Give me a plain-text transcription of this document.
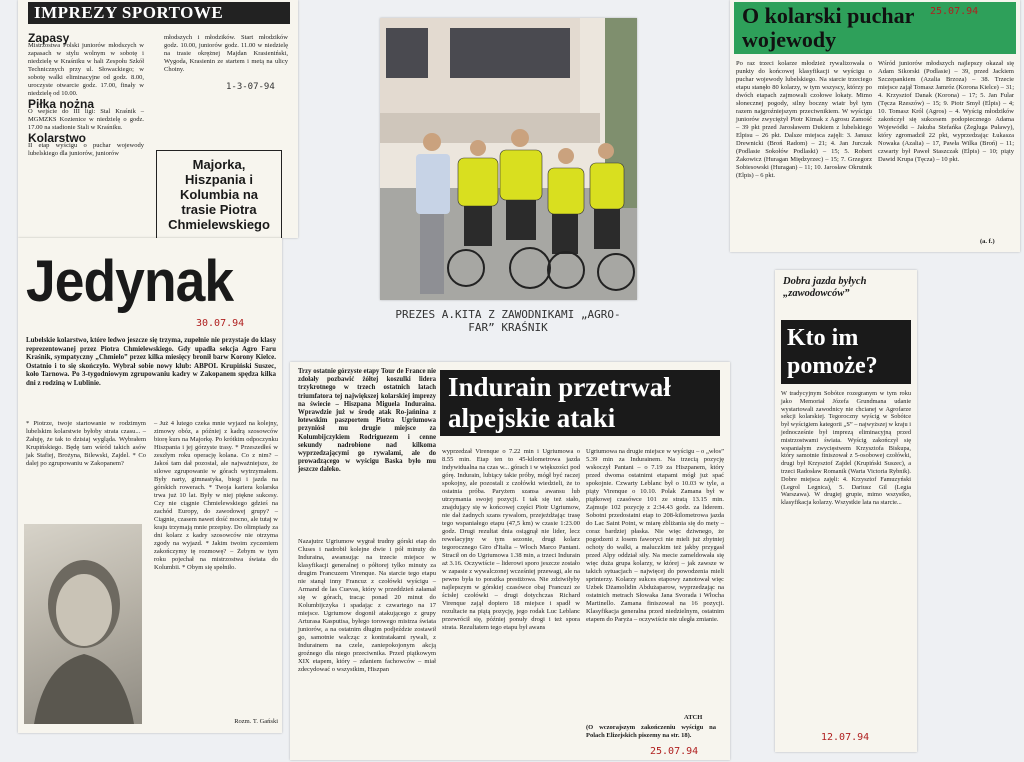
IMPREZY SPORTOWE
Zapasy

Mistrzostwa Polski juniorów młodszych w zapasach w stylu wolnym w sobotę i niedzielę w Kraśniku w hali Zespołu Szkół Technicznych przy ul. Słowackiego; w sobotę walki eliminacyjne od godz. 8.00, uroczyste otwarcie godz. 17.00, finały w niedzielę od 10.00.

Piłka nożna

O wejście do III ligi: Stal Kraśnik – MGMZKS Kozienice w niedzielę o godz. 17.00 na stadionie Stali w Kraśniku.

Kolarstwo

II etap wyścigu o puchar wojewody lubelskiego dla juniorów, juniorów

młodszych i młodzików. Start młodzików godz. 10.00, juniorów godz. 11.00 w niedzielę na trasie okrężnej Majdan Krasieniński, Wygoda, Krasienin ze startem i metą na ulicy Choiny.

1-3-07-94
Majorka, Hiszpania i Kolumbia na trasie Piotra Chmielewskiego
Jedynak
30.07.94
Lubelskie kolarstwo, które ledwo jeszcze się trzyma, zupełnie nie przystaje do klasy reprezentowanej przez Piotra Chmielewskiego. Gdy upadła sekcja Agro Faru Kraśnik, sympatyczny „Chmielo” przez kilka miesięcy bronił barw Korony Kielce. Ostatnio i to się skończyło. Wybrał sobie nowy klub: ABPOL Krupiński Suszec, koło Tarnowa. Po 3-tygodniowym zgrupowaniu kadry w Zakopanem spędza kilka dni z rodziną w Lublinie.
* Piotrze, twoje startowanie w rodzimym lubelskim kolarstwie byłoby strata czasu... – Żałuję, że tak to dzisiaj wygląda. Wybrałem Krupińskiego. Będę tam wśród takich asów jak Stafiej, Brożyna, Bilewski, Zajdel. * Co dalej po zgrupowaniu w Zakopanem?
– Już 4 lutego czeka mnie wyjazd na kolejny, zimowy obóz, a później z kadrą szosowców biorę kurs na Majorkę. Po krótkim odpoczynku Hiszpania i jej górzyste trasy. * Przeszedłeś w zeszłym roku operację kolana. Co z nim? – Jakoś tam dał pozostał, ale najważniejsze, że silowe zgrupowanie w górach wytrzymałem. Były narty, gimnastyka, biegi i jazda na górskich rowerach. * Twoja kariera kolarska trwa już 10 lat. Były w niej piękne sukcesy. Czy nie ciągnie Chmielewskiego gdzieś na zachód Europy, do zawodowej grupy? – Ciągnie, czasem nawet dość mocno, ale tutaj w kraju trzymają mnie przepisy. Do olimpiady za dni kolarz z kadry szosowców nie otrzyma zgody na wyjazd. * Jakim twoim zyczeniem zakończymy tę rozmowę? – Żebym w tym roku pojechał na mistrzostwa świata do Kolumbii. * Obym się spełniło.
Rozm. T. Gański
PREZES A.KITA Z ZAWODNIKAMI „AGRO-FAR” KRAŚNIK
O kolarski puchar wojewody
25.07.94
Po raz trzeci kolarze młodzież rywalizowała o punkty do końcowej klasyfikacji w wyścigu o puchar wojewody lubelskiego. Na starcie trzeciego etapu stanęło 80 kolarzy, w tym wszyscy, którzy po dwóch etapach zajmowali czołowe lokaty. Mimo słonecznej pogody, silny boczny wiatr był tym razem najgroźniejszym przeciwnikiem. W wyścigu juniorów zwyciężył Piotr Kimak z Agrosu Zamość – 39 pkt przed Jarosławem Dukiem z lubelskiego Elpisu – 26 pkt. Dalsze miejsca zajęli: 3. Janusz Drewnicki (Broń Radom) – 21; 4. Jan Jurczak (Podlasie Sokołów Podlaski) – 15; 5. Robert Żakowicz (Huragan Międzyrzec) – 15; 7. Grzegorz Sobiesowski (Huragan) – 11; 10. Jarosław Okrutnik (Elpis) – 6 pkt.
Wśród juniorów młodszych najlepszy okazał się Adam Sikorski (Podlasie) – 39, przed Jackiem Szczepankiem (Azalia Brzoza) – 38. Trzecie miejsce zajął Tomasz Jamróz (Korona Kielce) – 31; 4. Krzysztof Danak (Korona) – 17; 5. Jan Fular (Tęcza Rzeszów) – 15; 9. Piotr Smył (Elpis) – 4; 10. Tomasz Król (Agros) – 4. Wyścig młodzików zakończył się sukcesem podopiecznego Adama Wojewódki – Jakuba Stefańka (Żegluga Puławy), który zgromadził 22 pkt, wyprzedzając Łukasza Nowaka (Azalia) – 17, Pawła Wilka (Broń) – 11; czwarty był Paweł Staszczak (Elpis) – 10; piąty Dawid Krupa (Tęcza) – 10 pkt.
(a. f.)
Dobra jazda byłych „zawodowców”
Kto im pomoże?
W tradycyjnym Sobótce rozegranym w tym roku jako Memoriał Józefa Grundmana udanie wystartowali zawodnicy nie chcianej w Agrofarze sekcji kolarskiej. Tegoroczny wyścig w Sobótce był wyścigiem kategorii „S” – najwyższej w kraju i jednocześnie był imprezą eliminacyjną przed mistrzostwami świata. Wyścig zakończył się wspaniałym zwycięstwem Krzysztofa Biskupa, który samotnie finiszował z 5-osobowej czołówki, drugi był Krzysztof Zajdel (Krupiński Suszec), a trzeci Radosław Romanik (Warta Victoria Rybnik). Dobre miejsca zajęli: 4. Krzysztof Famuzyński (Legrol Legnica), 5. Dariusz Gil (Legia Warszawa). W drugiej grupie, mimo wszystko, klasyfikacja kolarzy. Wszystkie lata na starcie...
12.07.94
Trzy ostatnie górzyste etapy Tour de France nie zdołały pozbawić żółtej koszulki lidera trzykrotnego w trzech ostatnich latach triumfatora tej największej kolarskiej imprezy na świecie – Hiszpana Miguela Induraina. Wprawdzie już w środę atak Ro-jańnina z łotewskim paszportem Piotra Ugriumowa przyniósł mu drugie miejsce za Kolumbijczykiem Rodriguezem i cenne sekundy nadrobione nad kilkoma wyprzedzającymi go rywalami, ale do prowadzącego w wyścigu Baska było mu jeszcze daleko.
Indurain przetrwał alpejskie ataki
Nazajutrz Ugriumow wygrał trudny górski etap do Cluses i nadrobił kolejne dwie i pół minuty do Induraina, awansując na trzecie miejsce w klasyfikacji generalnej o półtorej tylko minuty za drugim Francuzem Virenque. Na starcie tego etapu nie stanął inny Francuz z czołówki wyścigu – Armand de las Cuevas, który w przeddzień załamał się w górach, tracąc ponad 20 minut do Kolumbijczyka i spadając z czwartego na 17 miejsce. Ugriumow dogonił atakującego z grupy Arturasa Kasputisa, byłego torowego mistrza świata juniorów, a na ostatnim długim podjeździe zostawił go, samotnie walcząc z kontratakami rywali, z Indurainem na czele, zaniepokojonym akcją groźnego dla niego przeciwnika. Przed piątkowym XIX etapem, który – zdaniem fachowców – miał zdecydować o wszystkim, Hiszpan
wyprzedzał Virenque o 7.22 min i Ugriumowa o 8.55 min. Etap ten to 45-kilometrowa jazda indywidualna na czas w... górach i w większości pod górę. Indurain, lubiący takie próby, mógł być raczej spokojny, ale pozostali z czołówki wiedzieli, że to ostatnia próba. Paryżem szansa awansu lub utrzymania swojej pozycji. I tak się też stało, znajdujący się w końcowej części Piotr Ugriumow, nie dał żadnych szans rywalom, przejeżdżając trasę tego wspaniałego etapu (47,5 km) w czasie 1:23.00 godz. Drugi rezultat dnia osiągnął nie lider, lecz rewelacyjny w tym sezonie, drugi kolarz tegorocznego Giro d'Italia – Włoch Marco Pantani. Stracił on do Ugriumowa 1.38 min, a trzeci Indurain aż 3.16. Oczywiście – liderowi sporo jeszcze zostało w zapasie z wywalczonej wcześniej przewagi, ale na pewno była to porażka prestiżowa. Nie zdziwiłyby najlepszym w górskiej czasówce obaj Francuzi ze ścisłej czołówki – drugi dotychczas Richard Virenque zajął dopiero 18 miejsce i spadł w rezultacie na piątą pozycję, jego rodak Luc Leblanc przewrócił się, później ponuły drogi i też spora strata. Rezultatem tego etapu był awans
Ugriumowa na drugie miejsce w wyścigu – o „włos” 5.39 min za Indurainem. Na trzecią pozycję wskoczył Pantani – o 7.19 za Hiszpanem, który przed dwoma ostatnimi etapami mógł już spać spokojnie. Czwarty Leblanc był o 10.03 w tyle, a piąty Virenque o 10.10. Polak Zamana był w piątkowej czasówce 101 ze stratą 13.15 min. Zajmuje 102 pozycję z 2:34.43 godz. za liderem. Sobotni przedostatni etap to 208-kilometrowa jazda do Lac Saint Point, w miarę zbliżania się do mety – coraz bardziej płaska. Nie więc dziwnego, że pogodzeni z losem faworyci nie mieli już zbytniej ochoty do walki, a maluczkim też jakby przygasł przed Alpy oddział siły. Na mecie zameldowała się więc duża grupa kolarzy, w której – jak zawsze w takich sytuacjach – najwięcej do powodzenia mieli sprinterzy. Kolarzy sukces etapowy zanotował więc Uzbek Dżamolidin Abdużaparow, wyprzedzając na ostatnich metrach Słowaka Jana Svorada i Włocha Martinello. Zamana finiszował na 16 pozycji. Klasyfikacja generalna przed niedzielnym, ostatnim etapem do Paryża – oczywiście nie uległa zmianie.
ATCH
(O wczorajszym zakończeniu wyścigu na Polach Elizejskich piszemy na str. 18).
25.07.94
